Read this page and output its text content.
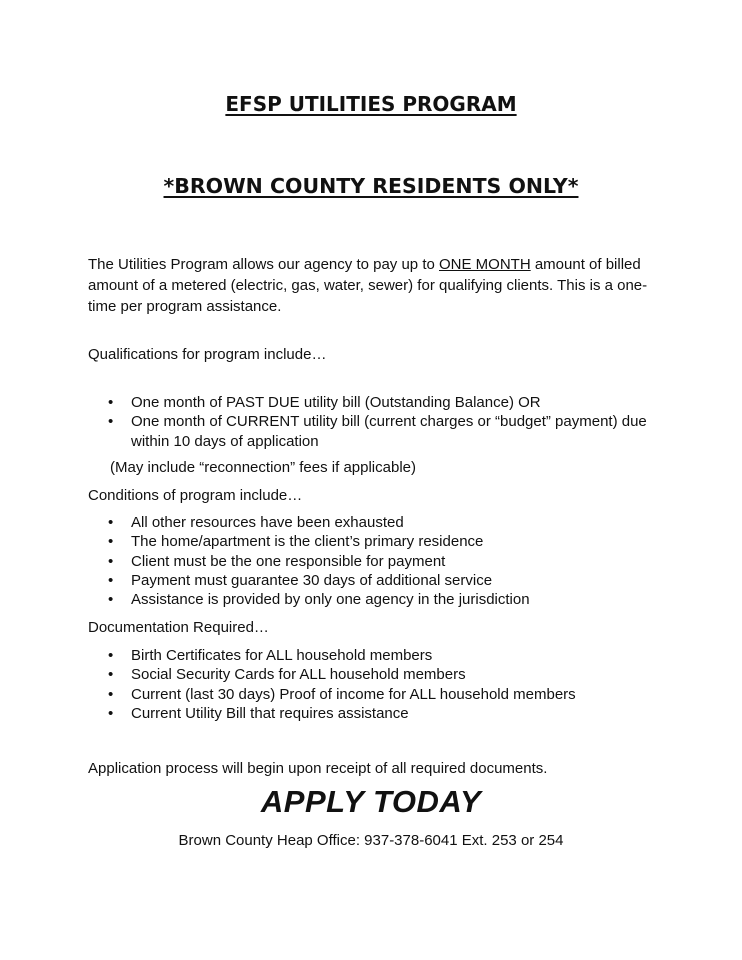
EFSP UTILITIES PROGRAM
*BROWN COUNTY RESIDENTS ONLY*
The Utilities Program allows our agency to pay up to ONE MONTH amount of billed amount of a metered (electric, gas, water, sewer) for qualifying clients. This is a one-time per program assistance.
Qualifications for program include…
• One month of PAST DUE utility bill (Outstanding Balance) OR
• One month of CURRENT utility bill (current charges or “budget” payment) due within 10 days of application
(May include “reconnection” fees if applicable)
Conditions of program include…
• All other resources have been exhausted
• The home/apartment is the client’s primary residence
• Client must be the one responsible for payment
• Payment must guarantee 30 days of additional service
• Assistance is provided by only one agency in the jurisdiction
Documentation Required…
• Birth Certificates for ALL household members
• Social Security Cards for ALL household members
• Current (last 30 days) Proof of income for ALL household members
• Current Utility Bill that requires assistance
Application process will begin upon receipt of all required documents.
APPLY TODAY
Brown County Heap Office: 937-378-6041 Ext. 253 or 254
